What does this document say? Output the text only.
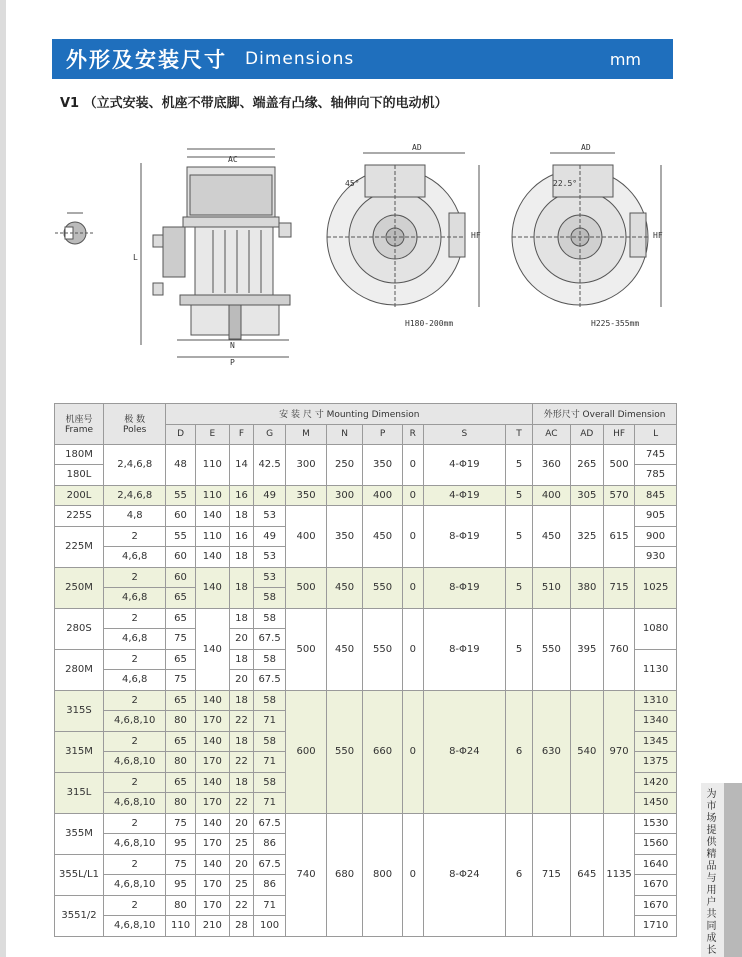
外形及安装尺寸 Dimensions	mm
V1 （立式安装、机座不带底脚、端盖有凸缘、轴伸向下的电动机）
AC
L
N
P
AD
HF
45°
AD
HF
22.5°
H180-200mm	H225-355mm
机座号
Frame	极 数
Poles	安 装 尺 寸 Mounting Dimension										外形尺寸 Overall Dimension			
		D	E	F	G	M	N	P	R	S	T	AC	AD	HF	L
180M	2,4,6,8	48	110	14	42.5	300	250	350	0	4-Φ19	5	360	265	500	745
180L															785
200L	2,4,6,8	55	110	16	49	350	300	400	0	4-Φ19	5	400	305	570	845
225S	4,8	60	140	18	53	400	350	450	0	8-Φ19	5	450	325	615	905
225M	2	55	110	16	49										900
	4,6,8	60	140	18	53										930
250M	2	60	140	18	53	500	450	550	0	8-Φ19	5	510	380	715	1025
	4,6,8	65			58										
280S	2	65	140	18	58	500	450	550	0	8-Φ19	5	550	395	760	1080
	4,6,8	75		20	67.5										
280M	2	65		18	58										1130
	4,6,8	75		20	67.5										
315S	2	65	140	18	58	600	550	660	0	8-Φ24	6	630	540	970	1310
	4,6,8,10	80	170	22	71										1340
315M	2	65	140	18	58										1345
	4,6,8,10	80	170	22	71										1375
315L	2	65	140	18	58										1420
	4,6,8,10	80	170	22	71										1450
355M	2	75	140	20	67.5	740	680	800	0	8-Φ24	6	715	645	1135	1530
	4,6,8,10	95	170	25	86										1560
355L/L1	2	75	140	20	67.5										1640
	4,6,8,10	95	170	25	86										1670
3551/2	2	80	170	22	71										1670
	4,6,8,10	110	210	28	100										1710
为市场提供精品 与用户共同成长
